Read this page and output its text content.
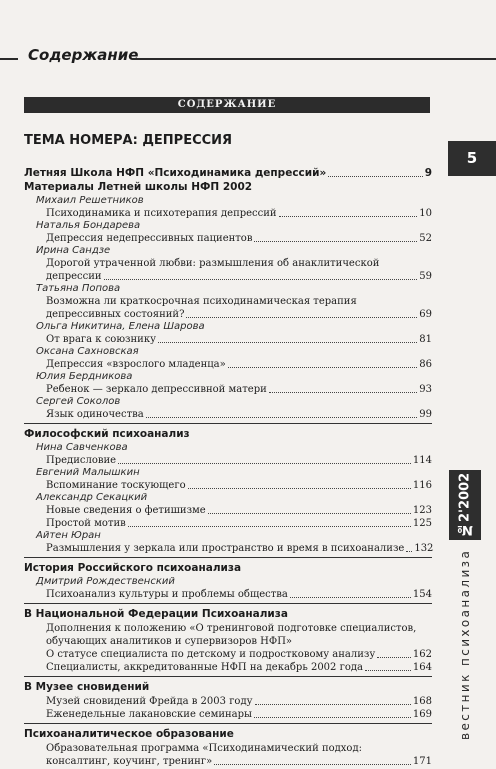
Содержание
СОДЕРЖАНИЕ
ТЕМА НОМЕРА: ДЕПРЕССИЯ
5
№2'2002
вестник психоанализа
Летняя Школа НФП «Психодинамика депрессий»	9
Материалы Летней школы НФП 2002
Михаил Решетников
Психодинамика и психотерапия депрессий	10
Наталья Бондарева
Депрессия недепрессивных пациентов	52
Ирина Сандзе
Дорогой утраченной любви: размышления об анаклитической
депрессии	59
Татьяна Попова
Возможна ли краткосрочная психодинамическая терапия
депрессивных состояний?	69
Ольга Никитина, Елена Шарова
От врага к союзнику	81
Оксана Сахновская
Депрессия «взрослого младенца»	86
Юлия Бердникова
Ребенок — зеркало депрессивной матери	93
Сергей Соколов
Язык одиночества	99
Философский психоанализ
Нина Савченкова
Предисловие	114
Евгений Малышкин
Вспоминание тоскующего	116
Александр Секацкий
Новые сведения о фетишизме	123
Простой мотив	125
Айтен Юран
Размышления у зеркала или пространство и время в психоанализе 132
История Российского психоанализа
Дмитрий Рождественский
Психоанализ культуры и проблемы общества	154
В Национальной Федерации Психоанализа
Дополнения к положению «О тренинговой подготовке специалистов,
обучающих аналитиков и супервизоров НФП»
О статусе специалиста по детскому и подростковому анализу	162
Специалисты, аккредитованные НФП на декабрь 2002 года	164
В Музее сновидений
Музей сновидений Фрейда в 2003 году	168
Еженедельные лакановские семинары	169
Психоаналитическое образование
Образовательная программа «Психодинамический подход:
консалтинг, коучинг, тренинг»	171
